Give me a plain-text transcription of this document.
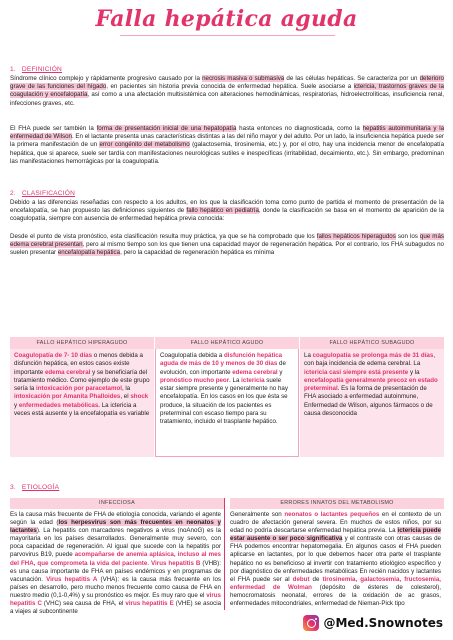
Falla hepática aguda
1. DEFINICIÓN
Síndrome clínico complejo y rápidamente progresivo causado por la necrosis masiva o submasiva de las células hepáticas. Se caracteriza por un deterioro grave de las funciones del hígado, en pacientes sin historia previa conocida de enfermedad hepática. Suele asociarse a ictericia, trastornos graves de la coagulación y encefalopatía, así como a una afectación multisistémica con alteraciones hemodinámicas, respiratorias, hidroelectrolíticas, insuficiencia renal, infecciones graves, etc.
El FHA puede ser también la forma de presentación inicial de una hepatopatía hasta entonces no diagnosticada, como la hepatitis autoinmunitaria y la enfermedad de Wilson. En el lactante presenta unas características distintas a las del niño mayor y del adulto. Por un lado, la insuficiencia hepática puede ser la primera manifestación de un error congénito del metabolismo (galactosemia, tirosinemia, etc.) y, por el otro, hay una incidencia menor de encefalopatía hepática, que si aparece, suele ser tardía con manifestaciones neurológicas sutiles e inespecíficas (irritabilidad, decaimiento, etc.). Sin embargo, predominan las manifestaciones hemorrágicas por la coagulopatía.
2. CLASIFICACIÓN
Debido a las diferencias reseñadas con respecto a los adultos, en los que la clasificación toma como punto de partida el momento de presentación de la encefalopatía, se han propuesto las definiciones siguientes de fallo hepático en pediatría, donde la clasificación se basa en el momento de aparición de la coagulopatía, siempre con ausencia de enfermedad hepática previa conocida:
Desde el punto de vista pronóstico, esta clasificación resulta muy práctica, ya que se ha comprobado que los fallos hepáticos hiperagudos son los que más edema cerebral presentan, pero al mismo tiempo son los que tienen una capacidad mayor de regeneración hepática. Por el contrario, los FHA subagudos no suelen presentar encefalopatía hepática, pero la capacidad de regeneración hepática es mínima
FALLO HEPÁTICO HIPERAGUDO
Coagulopatía de 7- 10 días o menos debida a disfunción hepática, en estos casos existe importante edema cerebral y se beneficiaría del tratamiento médico. Como ejemplo de este grupo sería la intoxicación por paracetamol, la intoxicación por Amanita Phalloides, el shock y enfermedades metabólicas. La ictericia a veces está ausente y la encefalopatía es variable
FALLO HEPÁTICO AGUDO
Coagulopatía debida a disfunción hepática aguda de más de 10 y menos de 30 días de evolución, con importante edema cerebral y pronóstico mucho peor. La ictericia suele estar siempre presente y generalmente no hay encefalopatía. En los casos en los que ésta se produce, la situación de los pacientes es preterminal con escaso tiempo para su tratamiento, incluido el trasplante hepático.
FALLO HEPÁTICO SUBAGUDO
La coagulopatía se prolonga más de 31 días, con baja incidencia de edema cerebral. La ictericia casi siempre está presente y la encefalopatía generalmente precoz en estado preterminal. Es la forma de presentación de FHA asociado a enfermedad autoinmune, Enfermedad de Wilson, algunos fármacos o de causa desconocida
3. ETIOLOGÍA
INFECCIOSA
Es la causa más frecuente de FHA de etiología conocida, variando el agente según la edad (los herpesvirus son más frecuentes en neonatos y lactantes). La hepatitis con marcadores negativos a virus (noAnoG) es la mayoritaria en los países desarrollados. Generalmente muy severo, con poca capacidad de regeneración. Al igual que sucede con la hepatitis por parvovirus B19, puede acompañarse de anemia aplásica, incluso al mes del FHA, que comprometa la vida del paciente. Virus hepatitis B (VHB): es una causa importante de FHA en países endémicos y en programas de vacunación. Virus hepatitis A (VHA): es la causa más frecuente en los países en desarrollo, pero mucho menos frecuente como causa de FHA en nuestro medio (0,1-0,4%) y su pronóstico es mejor. Es muy raro que el virus hepatitis C (VHC) sea causa de FHA, el virus hepatitis E (VHE) se asocia a viajes al subcontinente
ERRORES INNATOS DEL METABOLISMO
Generalmente son neonatos o lactantes pequeños en el contexto de un cuadro de afectación general severa. En muchos de estos niños, por su edad no podría descartarse enfermedad hepática previa. La ictericia puede estar ausente o ser poco significativa y el contraste con otras causas de FHA podemos encontrar hepatomegalia. En algunos casos el FHA pueden aplicarse en lactantes, por lo que debemos hacer otra parte el trasplante hepático no es beneficioso al invertir con tratamiento etiológico específico y por diagnóstico de enfermedades metabólicas En recién nacidos y lactantes el FHA puede ser al debut de tirosinemia, galactosemia, fructosemia, enfermedad de Wolman (depósito de ésteres de colesterol), hemocromatosis neonatal, errores de la oxidación de ac grasos, enfermedades mitocondriales, enfermedad de Nieman-Pick tipo
@Med.Snownotes
